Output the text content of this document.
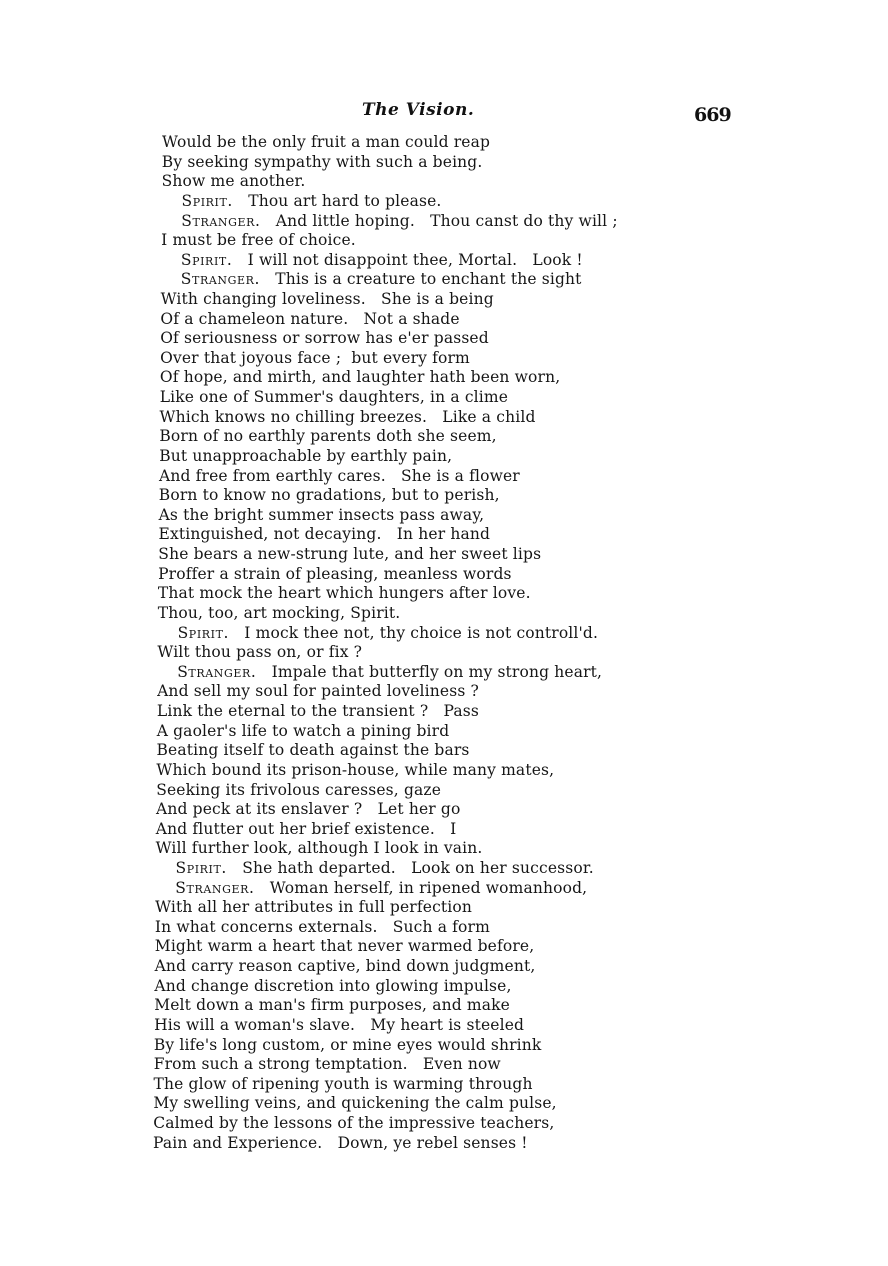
The Vision.	669
Would be the only fruit a man could reap
By seeking sympathy with such a being.
Show me another.
Spirit. Thou art hard to please.
Stranger. And little hoping.   Thou canst do thy will ;
I must be free of choice.
Spirit. I will not disappoint thee, Mortal.   Look !
Stranger. This is a creature to enchant the sight
With changing loveliness.   She is a being
Of a chameleon nature.   Not a shade
Of seriousness or sorrow has e'er passed
Over that joyous face ;  but every form
Of hope, and mirth, and laughter hath been worn,
Like one of Summer's daughters, in a clime
Which knows no chilling breezes.   Like a child
Born of no earthly parents doth she seem,
But unapproachable by earthly pain,
And free from earthly cares.   She is a flower
Born to know no gradations, but to perish,
As the bright summer insects pass away,
Extinguished, not decaying.   In her hand
She bears a new-strung lute, and her sweet lips
Proffer a strain of pleasing, meanless words
That mock the heart which hungers after love.
Thou, too, art mocking, Spirit.
Spirit. I mock thee not, thy choice is not controll'd.
Wilt thou pass on, or fix ?
Stranger. Impale that butterfly on my strong heart,
And sell my soul for painted loveliness ?
Link the eternal to the transient ?   Pass
A gaoler's life to watch a pining bird
Beating itself to death against the bars
Which bound its prison-house, while many mates,
Seeking its frivolous caresses, gaze
And peck at its enslaver ?   Let her go
And flutter out her brief existence.   I
Will further look, although I look in vain.
Spirit. She hath departed.   Look on her successor.
Stranger. Woman herself, in ripened womanhood,
With all her attributes in full perfection
In what concerns externals.   Such a form
Might warm a heart that never warmed before,
And carry reason captive, bind down judgment,
And change discretion into glowing impulse,
Melt down a man's firm purposes, and make
His will a woman's slave.   My heart is steeled
By life's long custom, or mine eyes would shrink
From such a strong temptation.   Even now
The glow of ripening youth is warming through
My swelling veins, and quickening the calm pulse,
Calmed by the lessons of the impressive teachers,
Pain and Experience.   Down, ye rebel senses !
